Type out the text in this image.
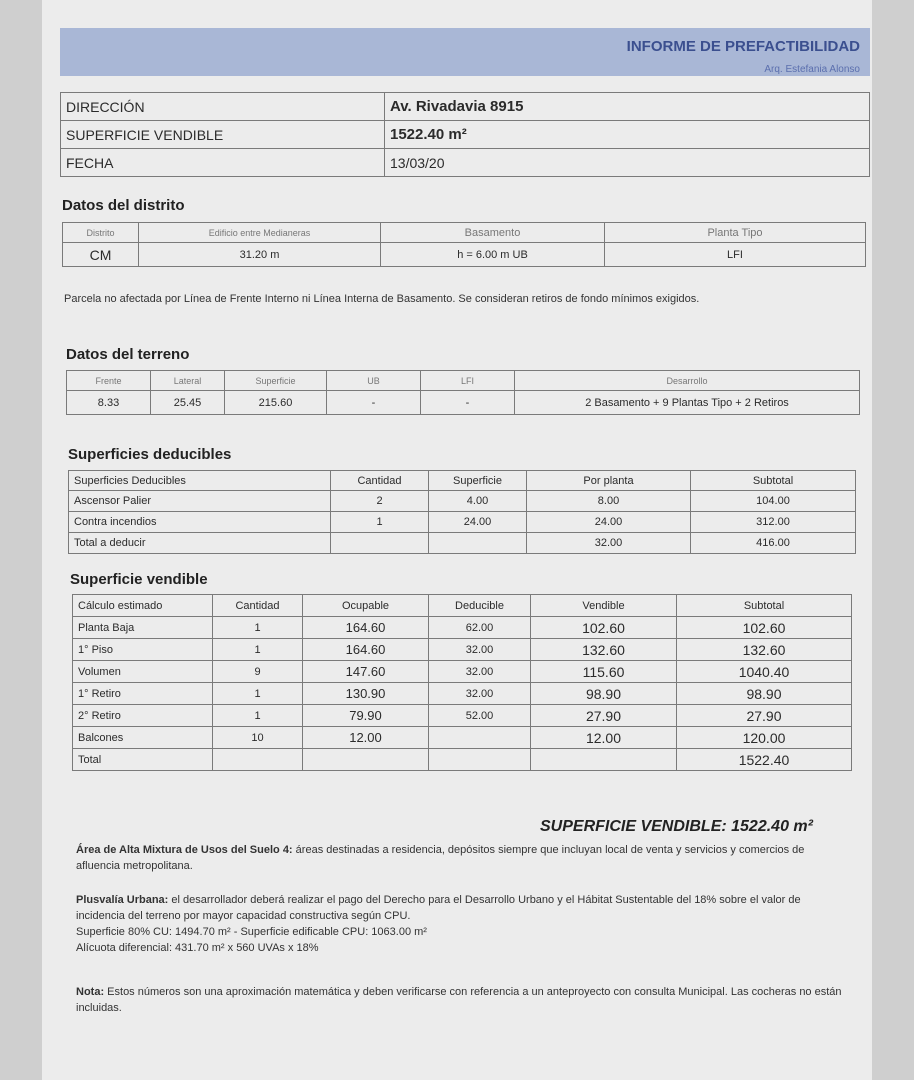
INFORME DE PREFACTIBILIDAD
Arq. Estefania Alonso
DIRECCIÓN	Av. Rivadavia 8915
SUPERFICIE VENDIBLE	1522.40 m²
FECHA	13/03/20
Datos del distrito
Distrito	Edificio entre Medianeras	Basamento	Planta Tipo
CM	31.20 m	h = 6.00 m UB	LFI
Parcela no afectada por Línea de Frente Interno ni Línea Interna de Basamento. Se consideran retiros de fondo mínimos exigidos.
Datos del terreno
Frente	Lateral	Superficie	UB	LFI	Desarrollo
8.33	25.45	215.60	-	-	2 Basamento + 9 Plantas Tipo + 2 Retiros
Superficies deducibles
Superficies Deducibles	Cantidad	Superficie	Por planta	Subtotal
Ascensor Palier	2	4.00	8.00	104.00
Contra incendios	1	24.00	24.00	312.00
Total a deducir			32.00	416.00
Superficie vendible
Cálculo estimado	Cantidad	Ocupable	Deducible	Vendible	Subtotal
Planta Baja	1	164.60	62.00	102.60	102.60
1° Piso	1	164.60	32.00	132.60	132.60
Volumen	9	147.60	32.00	115.60	1040.40
1° Retiro	1	130.90	32.00	98.90	98.90
2° Retiro	1	79.90	52.00	27.90	27.90
Balcones	10	12.00		12.00	120.00
Total					1522.40
SUPERFICIE VENDIBLE: 1522.40 m²
Área de Alta Mixtura de Usos del Suelo 4: áreas destinadas a residencia, depósitos siempre que incluyan local de venta y servicios y comercios de afluencia metropolitana.
Plusvalía Urbana: el desarrollador deberá realizar el pago del Derecho para el Desarrollo Urbano y el Hábitat Sustentable del 18% sobre el valor de incidencia del terreno por mayor capacidad constructiva según CPU.
Superficie 80% CU: 1494.70 m² - Superficie edificable CPU: 1063.00 m²
Alícuota diferencial: 431.70 m² x 560 UVAs x 18%
Nota: Estos números son una aproximación matemática y deben verificarse con referencia a un anteproyecto con consulta Municipal. Las cocheras no están incluidas.
